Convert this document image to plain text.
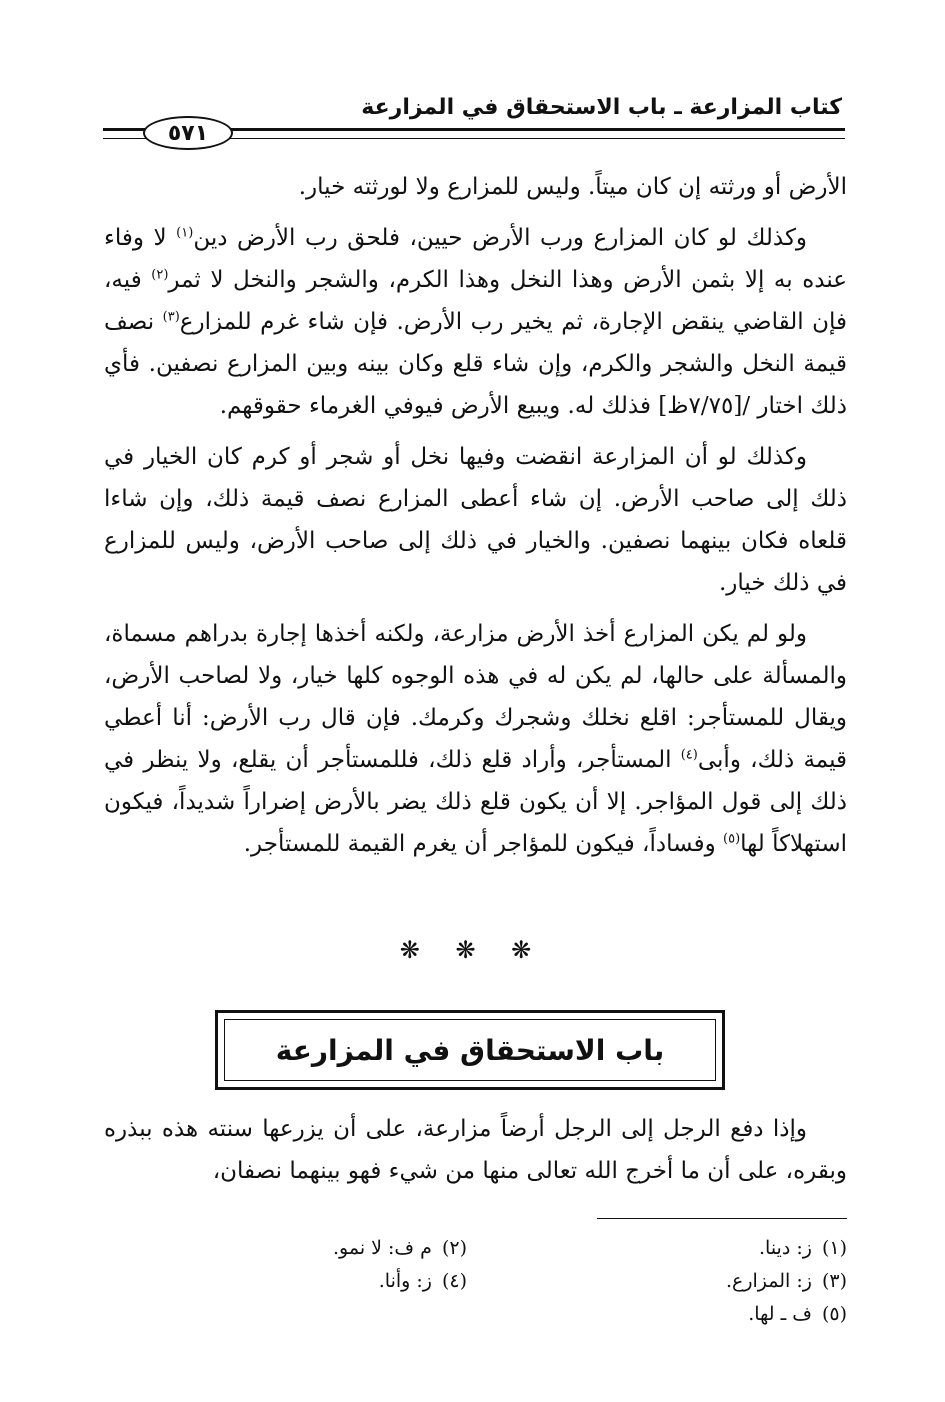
كتاب المزارعة ـ باب الاستحقاق في المزارعة
٥٧١

الأرض أو ورثته إن كان ميتاً. وليس للمزارع ولا لورثته خيار.

وكذلك لو كان المزارع ورب الأرض حيين، فلحق رب الأرض دين$^{(١)}$ لا وفاء عنده به إلا بثمن الأرض وهذا النخل وهذا الكرم، والشجر والنخل لا ثمر$^{(٢)}$ فيه، فإن القاضي ينقض الإجارة، ثم يخير رب الأرض. فإن شاء غرم للمزارع$^{(٣)}$ نصف قيمة النخل والشجر والكرم، وإن شاء قلع وكان بينه وبين المزارع نصفين. فأي ذلك اختار /[٧/٧٥ظ] فذلك له. ويبيع الأرض فيوفي الغرماء حقوقهم.

وكذلك لو أن المزارعة انقضت وفيها نخل أو شجر أو كرم كان الخيار في ذلك إلى صاحب الأرض. إن شاء أعطى المزارع نصف قيمة ذلك، وإن شاءا قلعاه فكان بينهما نصفين. والخيار في ذلك إلى صاحب الأرض، وليس للمزارع في ذلك خيار.

ولو لم يكن المزارع أخذ الأرض مزارعة، ولكنه أخذها إجارة بدراهم مسماة، والمسألة على حالها، لم يكن له في هذه الوجوه كلها خيار، ولا لصاحب الأرض، ويقال للمستأجر: اقلع نخلك وشجرك وكرمك. فإن قال رب الأرض: أنا أعطي قيمة ذلك، وأبى$^{(٤)}$ المستأجر، وأراد قلع ذلك، فللمستأجر أن يقلع، ولا ينظر في ذلك إلى قول المؤاجر. إلا أن يكون قلع ذلك يضر بالأرض إضراراً شديداً، فيكون استهلاكاً لها$^{(٥)}$ وفساداً، فيكون للمؤاجر أن يغرم القيمة للمستأجر.

❋ ❋ ❋
باب الاستحقاق في المزارعة

وإذا دفع الرجل إلى الرجل أرضاً مزارعة، على أن يزرعها سنته هذه ببذره وبقره، على أن ما أخرج الله تعالى منها من شيء فهو بينهما نصفان،

(١)ز: دينا.
(٢)م ف: لا نمو.
(٣)ز: المزارع.
(٤)ز: وأنا.
(٥)ف ـ لها.
